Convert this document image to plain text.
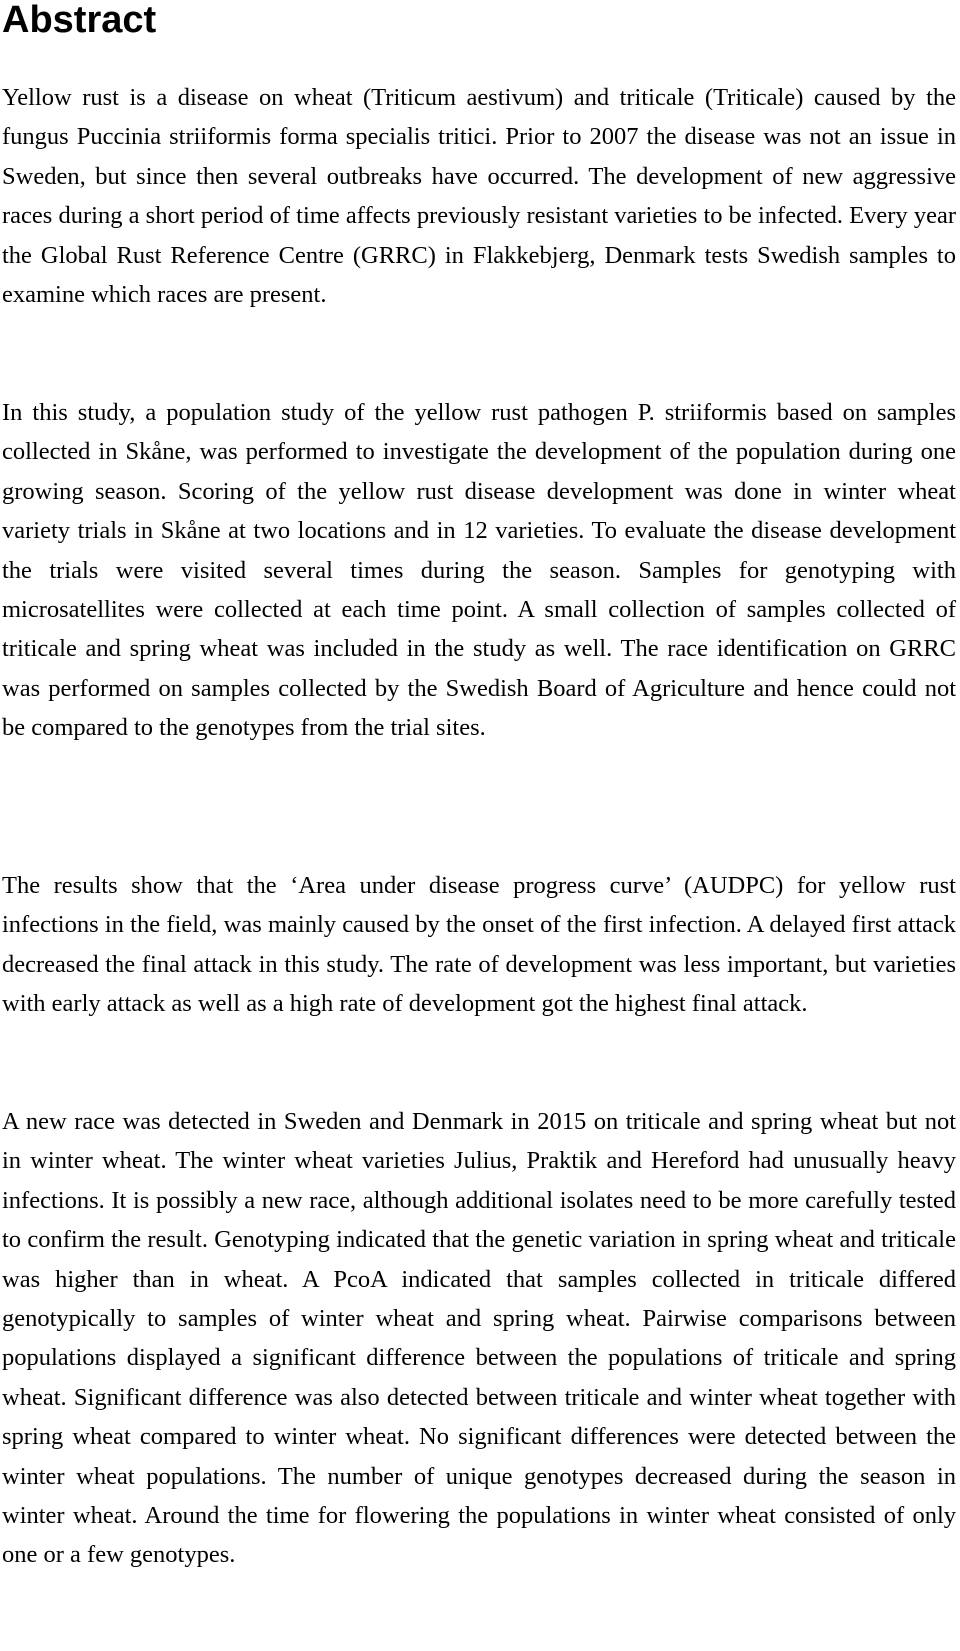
Abstract

Yellow rust is a disease on wheat (Triticum aestivum) and triticale (Triticale) caused by the fungus Puccinia striiformis forma specialis tritici. Prior to 2007 the disease was not an issue in Sweden, but since then several outbreaks have occurred. The development of new aggressive races during a short period of time affects previously resistant varieties to be infected. Every year the Global Rust Reference Centre (GRRC) in Flakkebjerg, Denmark tests Swedish samples to examine which races are present.

In this study, a population study of the yellow rust pathogen P. striiformis based on samples collected in Skåne, was performed to investigate the development of the population during one growing season. Scoring of the yellow rust disease development was done in winter wheat variety trials in Skåne at two locations and in 12 varieties. To evaluate the disease development the trials were visited several times during the season. Samples for genotyping with microsatellites were collected at each time point. A small collection of samples collected of triticale and spring wheat was included in the study as well. The race identification on GRRC was performed on samples collected by the Swedish Board of Agriculture and hence could not be compared to the genotypes from the trial sites.

The results show that the ‘Area under disease progress curve’ (AUDPC) for yellow rust infections in the field, was mainly caused by the onset of the first infection. A delayed first attack decreased the final attack in this study. The rate of development was less important, but varieties with early attack as well as a high rate of development got the highest final attack.

A new race was detected in Sweden and Denmark in 2015 on triticale and spring wheat but not in winter wheat. The winter wheat varieties Julius, Praktik and Hereford had unusually heavy infections. It is possibly a new race, although additional isolates need to be more carefully tested to confirm the result. Genotyping indicated that the genetic variation in spring wheat and triticale was higher than in wheat. A PcoA indicated that samples collected in triticale differed genotypically to samples of winter wheat and spring wheat. Pairwise comparisons between populations displayed a significant difference between the populations of triticale and spring wheat. Significant difference was also detected between triticale and winter wheat together with spring wheat compared to winter wheat. No significant differences were detected between the winter wheat populations. The number of unique genotypes decreased during the season in winter wheat. Around the time for flowering the populations in winter wheat consisted of only one or a few genotypes.
